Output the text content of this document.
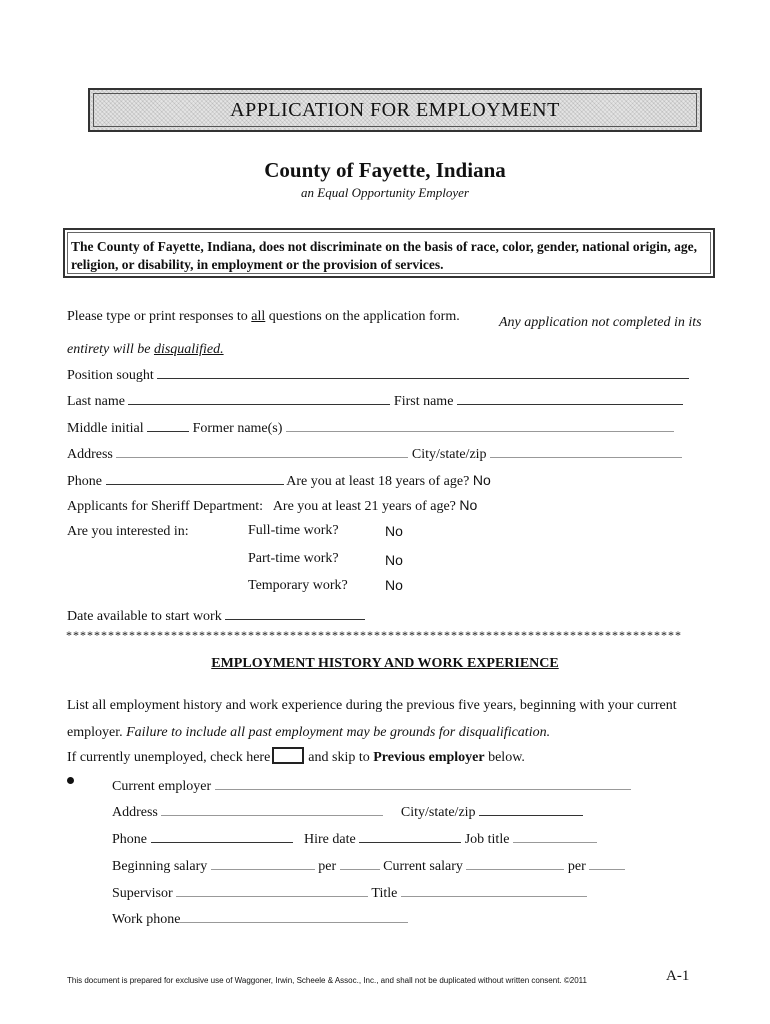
APPLICATION FOR EMPLOYMENT
County of Fayette, Indiana
an Equal Opportunity Employer
The County of Fayette, Indiana, does not discriminate on the basis of race, color, gender, national origin, age, religion, or disability, in employment or the provision of services.
Please type or print responses to all questions on the application form.	Any application not completed in its entirety will be disqualified.
Position sought
Last name	First name
Middle initial	Former name(s)
Address	City/state/zip
Phone	Are you at least 18 years of age? No
Applicants for Sheriff Department: Are you at least 21 years of age? No
Are you interested in:	Full-time work?	No
Part-time work?	No
Temporary work?	No
Date available to start work
****************************************************************************************
EMPLOYMENT HISTORY AND WORK EXPERIENCE
List all employment history and work experience during the previous five years, beginning with your current employer. Failure to include all past employment may be grounds for disqualification.
If currently unemployed, check here	and skip to Previous employer below.
Current employer
Address	City/state/zip
Phone	Hire date	Job title
Beginning salary	per	Current salary	per
Supervisor	Title
Work phone
This document is prepared for exclusive use of Waggoner, Irwin, Scheele & Assoc., Inc., and shall not be duplicated without written consent. ©2011	A-1
